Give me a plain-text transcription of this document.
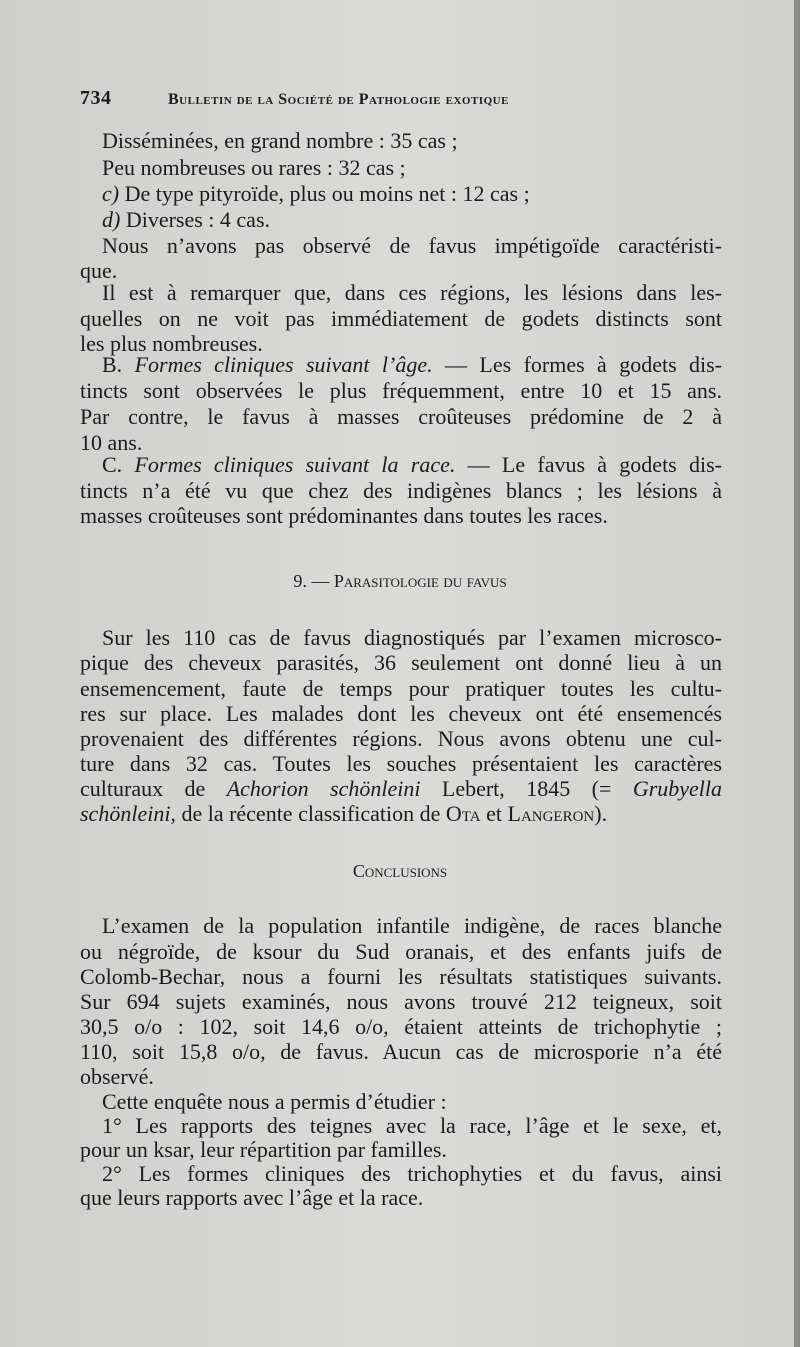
734	Bulletin de la Société de Pathologie exotique
Disséminées, en grand nombre : 35 cas ;
Peu nombreuses ou rares : 32 cas ;
c) De type pityroïde, plus ou moins net : 12 cas ;
d) Diverses : 4 cas.
Nous n’avons pas observé de favus impétigoïde caractéristi-
que.
Il est à remarquer que, dans ces régions, les lésions dans les-
quelles on ne voit pas immédiatement de godets distincts sont
les plus nombreuses.
B. Formes cliniques suivant l’âge. — Les formes à godets dis-
tincts sont observées le plus fréquemment, entre 10 et 15 ans.
Par contre, le favus à masses croûteuses prédomine de 2 à
10 ans.
C. Formes cliniques suivant la race. — Le favus à godets dis-
tincts n’a été vu que chez des indigènes blancs ; les lésions à
masses croûteuses sont prédominantes dans toutes les races.
9. — Parasitologie du favus
Sur les 110 cas de favus diagnostiqués par l’examen microsco-
pique des cheveux parasités, 36 seulement ont donné lieu à un
ensemencement, faute de temps pour pratiquer toutes les cultu-
res sur place. Les malades dont les cheveux ont été ensemencés
provenaient des différentes régions. Nous avons obtenu une cul-
ture dans 32 cas. Toutes les souches présentaient les caractères
culturaux de Achorion schönleini Lebert, 1845 (= Grubyella
schönleini, de la récente classification de Ota et Langeron).
Conclusions
L’examen de la population infantile indigène, de races blanche
ou négroïde, de ksour du Sud oranais, et des enfants juifs de
Colomb-Bechar, nous a fourni les résultats statistiques suivants.
Sur 694 sujets examinés, nous avons trouvé 212 teigneux, soit
30,5 o/o : 102, soit 14,6 o/o, étaient atteints de trichophytie ;
110, soit 15,8 o/o, de favus. Aucun cas de microsporie n’a été
observé.
Cette enquête nous a permis d’étudier :
1° Les rapports des teignes avec la race, l’âge et le sexe, et,
pour un ksar, leur répartition par familles.
2° Les formes cliniques des trichophyties et du favus, ainsi
que leurs rapports avec l’âge et la race.
